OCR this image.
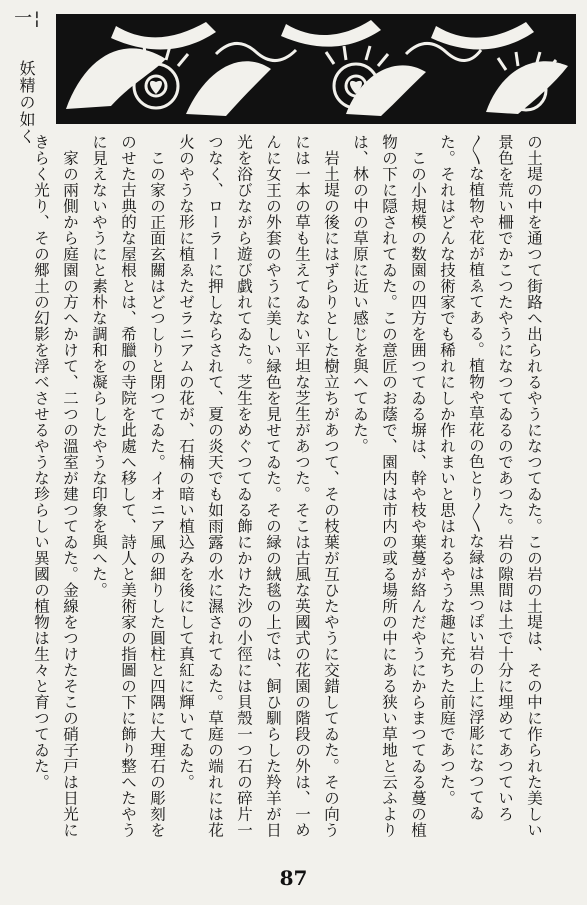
一 ¦
妖精の如く

の土堤の中を通つて街路へ出られるやうになつてゐた。この岩の土堤は、その中に作られた美しい景色を荒い柵でかこつたやうになつてゐるのであつた。岩の隙間は土で十分に埋めてあつていろ〳〵な植物や花が植ゑてある。植物や草花の色とり〳〵な緑は黒つぽい岩の上に浮彫になつてゐた。それはどんな技術家でも稀れにしか作れまいと思はれるやうな趣に充ちた前庭であつた。

この小規模の数園の四方を囲つてゐる塀は、幹や枝や葉蔓が絡んだやうにからまつてゐる蔓の植物の下に隠されてゐた。この意匠のお蔭で、園内は市内の或る場所の中にある狭い草地と云ふよりは、林の中の草原に近い感じを與へてゐた。

岩土堤の後にはずらりとした樹立ちがあつて、その枝葉が互ひたやうに交錯してゐた。その向うには一本の草も生えてゐない平坦な芝生があつた。そこは古風な英國式の花園の階段の外は、一めんに女王の外套のやうに美しい緑色を見せてゐた。その緑の絨毯の上では、飼ひ馴らした羚羊が日光を浴びながら遊び戯れてゐた。芝生をめぐつてゐる飾にかけた沙の小徑には貝殼一つ石の碎片一つなく、ローラーに押しならされて、夏の炎天でも如雨露の水に濕されてゐた。草庭の端れには花火のやうな形に植ゑたゼラニアムの花が、石楠の暗い植込みを後にして真紅に輝いてゐた。

この家の正面玄關はどつしりと閉つてゐた。イオニア風の細りした圓柱と四隅に大理石の彫刻をのせた古典的な屋根とは、希臘の寺院を此處へ移して、詩人と美術家の指圖の下に飾り整へたやうに見えないやうにと素朴な調和を凝らしたやうな印象を與へた。

家の兩側から庭園の方へかけて、二つの溫室が建つてゐた。金線をつけたそこの硝子戸は日光にきらく光り、その郷土の幻影を浮べさせるやうな珍らしい異國の植物は生々と育つてゐた。

87
